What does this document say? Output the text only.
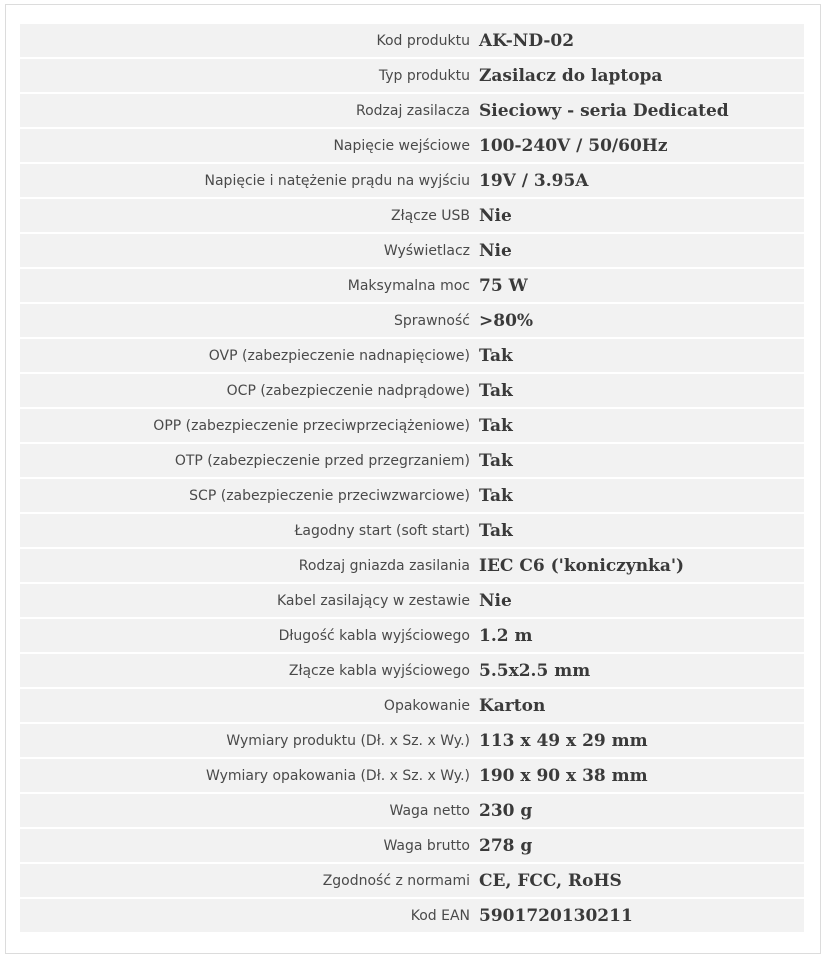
Kod produktu	AK-ND-02
Typ produktu	Zasilacz do laptopa
Rodzaj zasilacza	Sieciowy - seria Dedicated
Napięcie wejściowe	100-240V / 50/60Hz
Napięcie i natężenie prądu na wyjściu	19V / 3.95A
Złącze USB	Nie
Wyświetlacz	Nie
Maksymalna moc	75 W
Sprawność	>80%
OVP (zabezpieczenie nadnapięciowe)	Tak
OCP (zabezpieczenie nadprądowe)	Tak
OPP (zabezpieczenie przeciwprzeciążeniowe)	Tak
OTP (zabezpieczenie przed przegrzaniem)	Tak
SCP (zabezpieczenie przeciwzwarciowe)	Tak
Łagodny start (soft start)	Tak
Rodzaj gniazda zasilania	IEC C6 ('koniczynka')
Kabel zasilający w zestawie	Nie
Długość kabla wyjściowego	1.2 m
Złącze kabla wyjściowego	5.5x2.5 mm
Opakowanie	Karton
Wymiary produktu (Dł. x Sz. x Wy.)	113 x 49 x 29 mm
Wymiary opakowania (Dł. x Sz. x Wy.)	190 x 90 x 38 mm
Waga netto	230 g
Waga brutto	278 g
Zgodność z normami	CE, FCC, RoHS
Kod EAN	5901720130211
